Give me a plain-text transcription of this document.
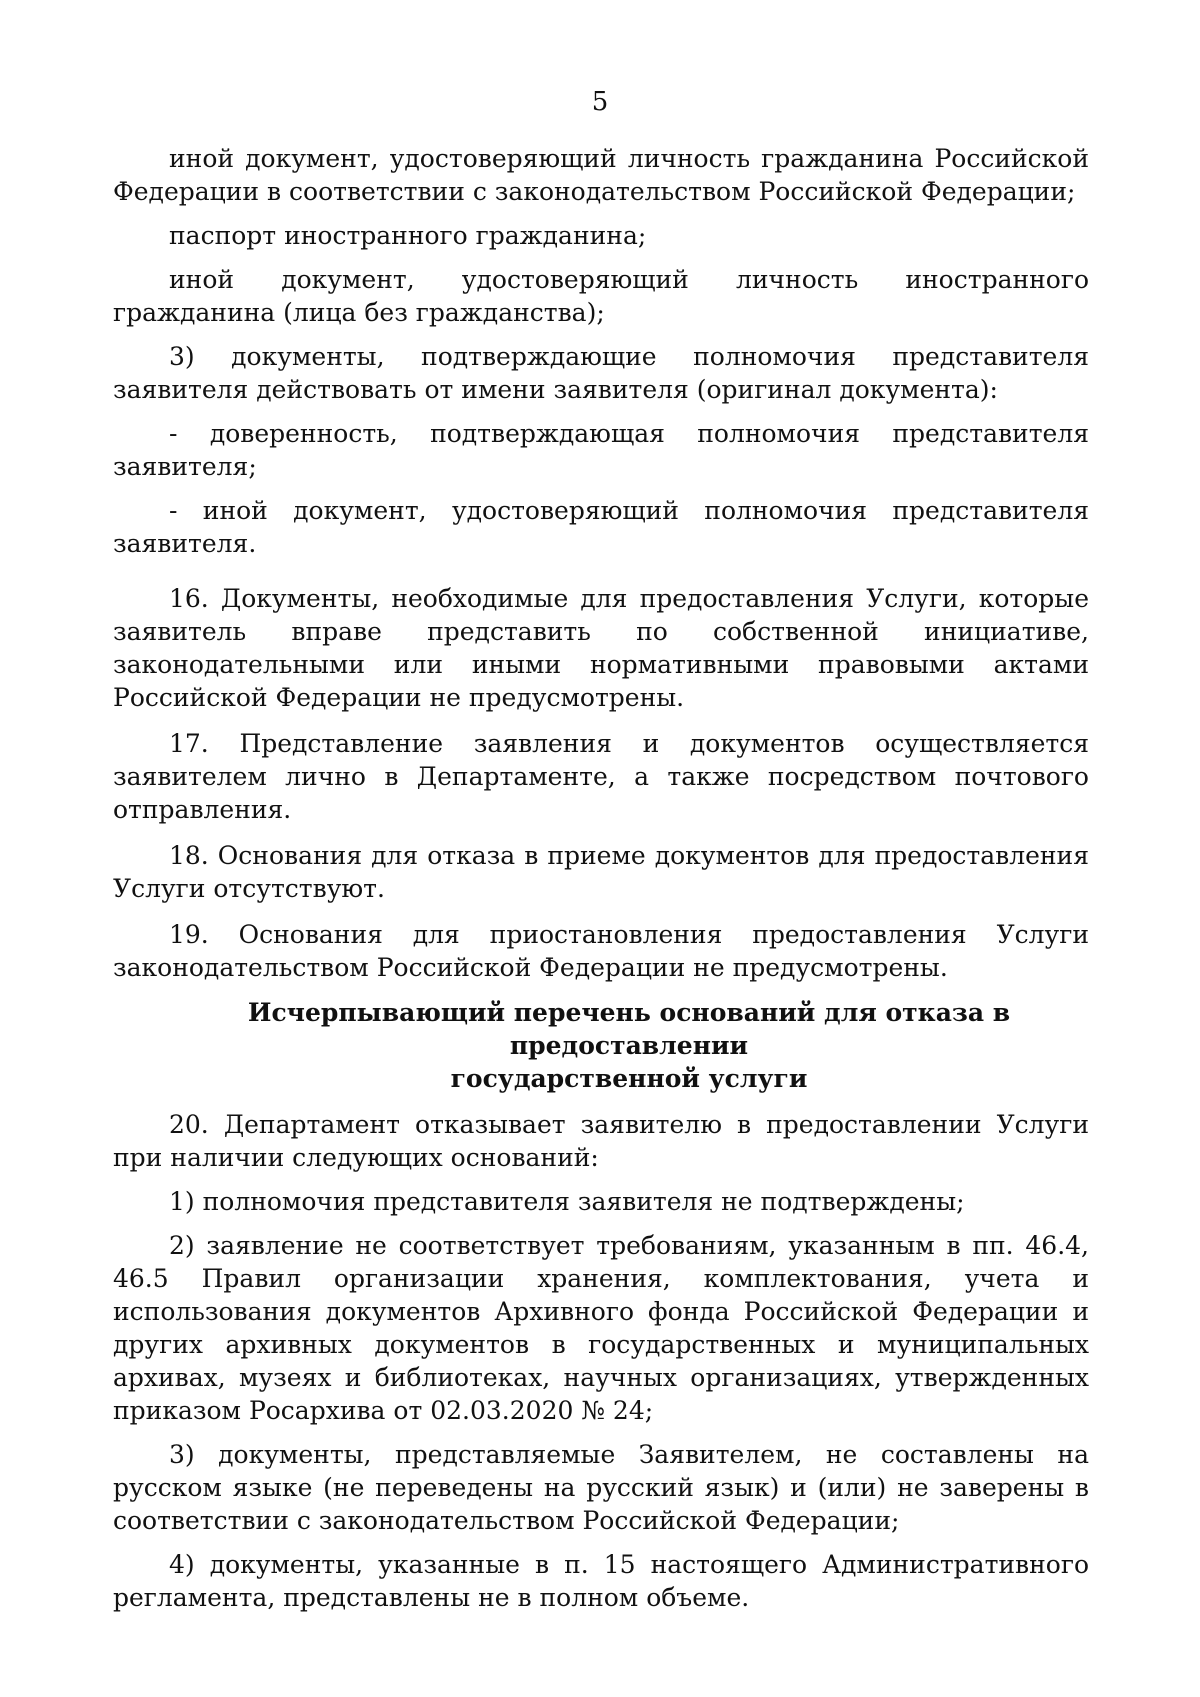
5

иной документ, удостоверяющий личность гражданина Российской Федерации в соответствии с законодательством Российской Федерации;

паспорт иностранного гражданина;

иной документ, удостоверяющий личность иностранного гражданина (лица без гражданства);

3) документы, подтверждающие полномочия представителя заявителя действовать от имени заявителя (оригинал документа):

- доверенность, подтверждающая полномочия представителя заявителя;

- иной документ, удостоверяющий полномочия представителя заявителя.

16. Документы, необходимые для предоставления Услуги, которые заявитель вправе представить по собственной инициативе, законодательными или иными нормативными правовыми актами Российской Федерации не предусмотрены.

17. Представление заявления и документов осуществляется заявителем лично в Департаменте, а также посредством почтового отправления.

18. Основания для отказа в приеме документов для предоставления Услуги отсутствуют.

19. Основания для приостановления предоставления Услуги законодательством Российской Федерации не предусмотрены.

Исчерпывающий перечень оснований для отказа в предоставлении
государственной услуги

20. Департамент отказывает заявителю в предоставлении Услуги при наличии следующих оснований:

1) полномочия представителя заявителя не подтверждены;

2) заявление не соответствует требованиям, указанным в пп. 46.4, 46.5 Правил организации хранения, комплектования, учета и использования документов Архивного фонда Российской Федерации и других архивных документов в государственных и муниципальных архивах, музеях и библиотеках, научных организациях, утвержденных приказом Росархива от 02.03.2020 № 24;

3) документы, представляемые Заявителем, не составлены на русском языке (не переведены на русский язык) и (или) не заверены в соответствии с законодательством Российской Федерации;

4) документы, указанные в п. 15 настоящего Административного регламента, представлены не в полном объеме.
